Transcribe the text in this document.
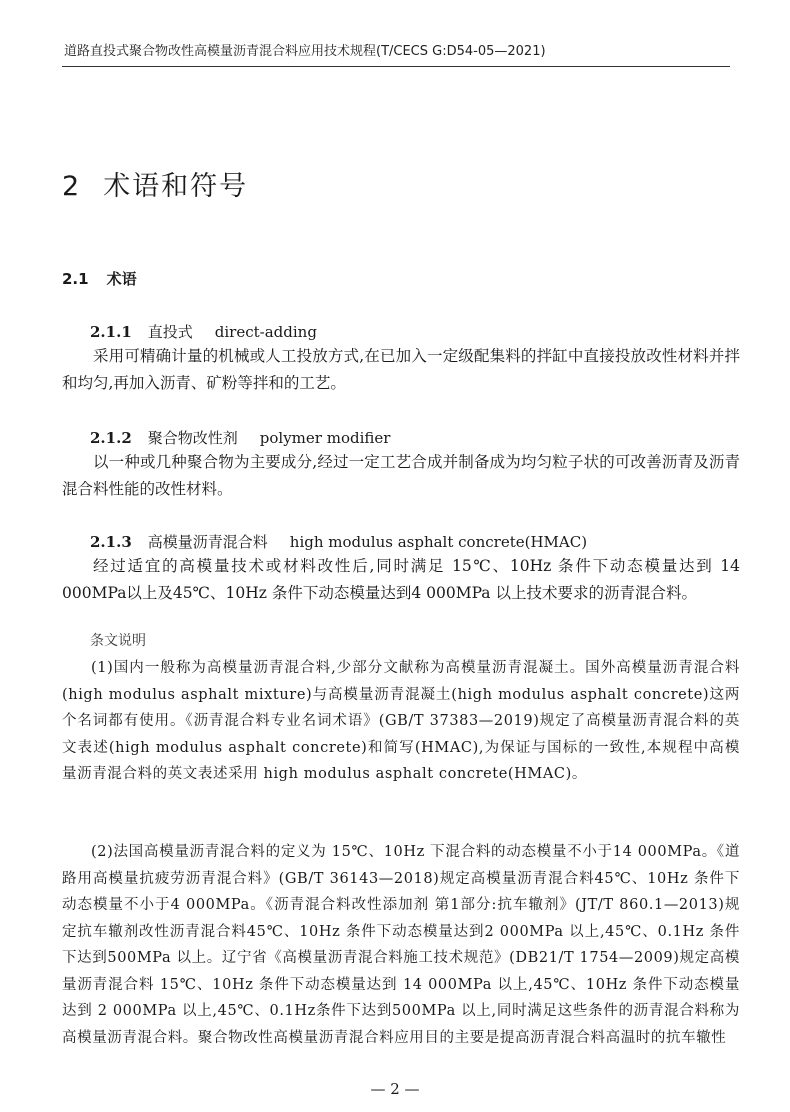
道路直投式聚合物改性高模量沥青混合料应用技术规程(T/CECS G:D54-05—2021)
2 术语和符号
2.1 术语
2.1.1 直投式 direct-adding

采用可精确计量的机械或人工投放方式,在已加入一定级配集料的拌缸中直接投放改性材料并拌和均匀,再加入沥青、矿粉等拌和的工艺。

2.1.2 聚合物改性剂 polymer modifier

以一种或几种聚合物为主要成分,经过一定工艺合成并制备成为均匀粒子状的可改善沥青及沥青混合料性能的改性材料。

2.1.3 高模量沥青混合料 high modulus asphalt concrete(HMAC)

经过适宜的高模量技术或材料改性后,同时满足 15℃、10Hz 条件下动态模量达到 14 000MPa以上及45℃、10Hz 条件下动态模量达到4 000MPa 以上技术要求的沥青混合料。

条文说明

(1)国内一般称为高模量沥青混合料,少部分文献称为高模量沥青混凝土。国外高模量沥青混合料(high modulus asphalt mixture)与高模量沥青混凝土(high modulus asphalt concrete)这两个名词都有使用。《沥青混合料专业名词术语》(GB/T 37383—2019)规定了高模量沥青混合料的英文表述(high modulus asphalt concrete)和简写(HMAC),为保证与国标的一致性,本规程中高模量沥青混合料的英文表述采用 high modulus asphalt concrete(HMAC)。

(2)法国高模量沥青混合料的定义为 15℃、10Hz 下混合料的动态模量不小于14 000MPa。《道路用高模量抗疲劳沥青混合料》(GB/T 36143—2018)规定高模量沥青混合料45℃、10Hz 条件下动态模量不小于4 000MPa。《沥青混合料改性添加剂 第1部分:抗车辙剂》(JT/T 860.1—2013)规定抗车辙剂改性沥青混合料45℃、10Hz 条件下动态模量达到2 000MPa 以上,45℃、0.1Hz 条件下达到500MPa 以上。辽宁省《高模量沥青混合料施工技术规范》(DB21/T 1754—2009)规定高模量沥青混合料 15℃、10Hz 条件下动态模量达到 14 000MPa 以上,45℃、10Hz 条件下动态模量达到 2 000MPa 以上,45℃、0.1Hz条件下达到500MPa 以上,同时满足这些条件的沥青混合料称为高模量沥青混合料。聚合物改性高模量沥青混合料应用目的主要是提高沥青混合料高温时的抗车辙性

— 2 —
